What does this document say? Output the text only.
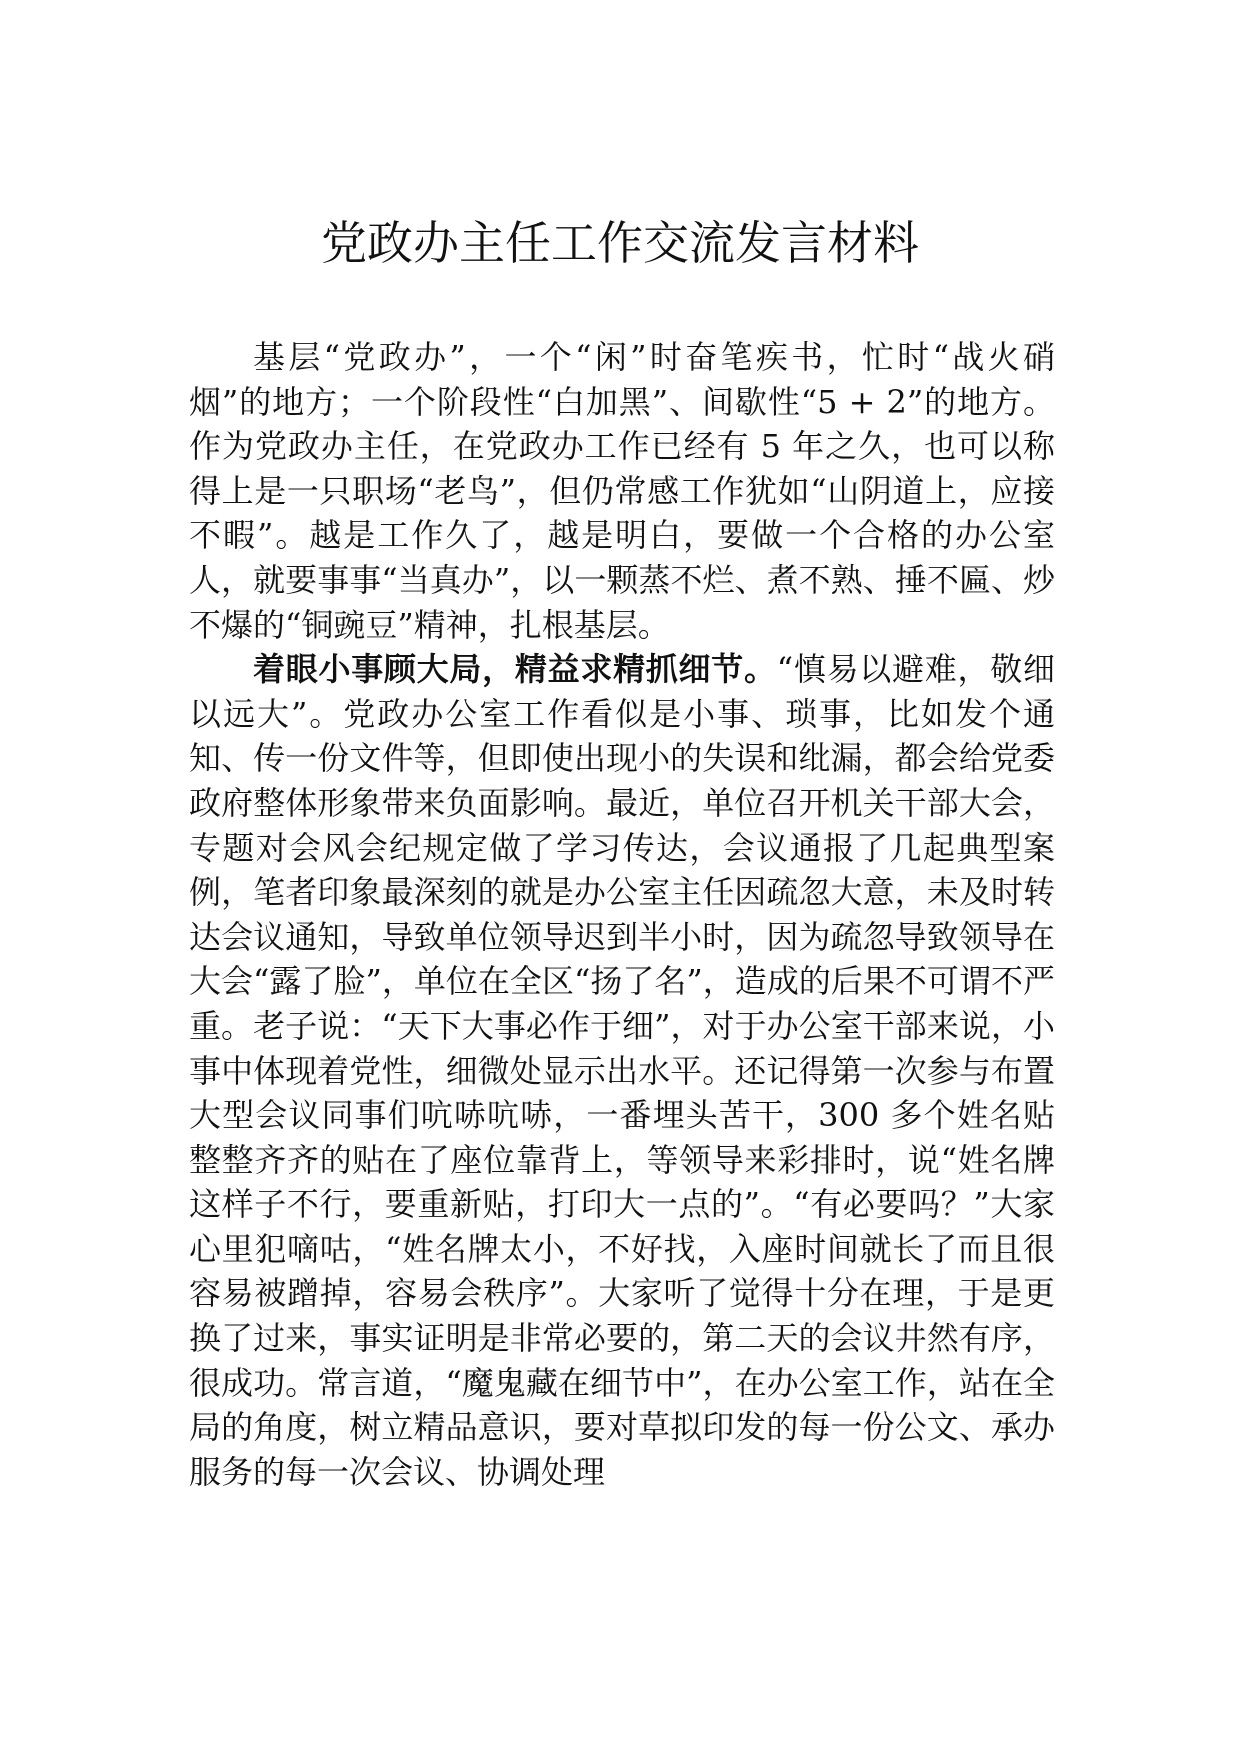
党政办主任工作交流发言材料

基层“党政办”，一个“闲”时奋笔疾书，忙时“战火硝烟”的地方；一个阶段性“白加黑”、间歇性“5 + 2”的地方。作为党政办主任，在党政办工作已经有 5 年之久，也可以称得上是一只职场“老鸟”，但仍常感工作犹如“山阴道上，应接不暇”。越是工作久了，越是明白，要做一个合格的办公室人，就要事事“当真办”，以一颗蒸不烂、煮不熟、捶不匾、炒不爆的“铜豌豆”精神，扎根基层。

着眼小事顾大局，精益求精抓细节。“慎易以避难，敬细以远大”。党政办公室工作看似是小事、琐事，比如发个通知、传一份文件等，但即使出现小的失误和纰漏，都会给党委政府整体形象带来负面影响。最近，单位召开机关干部大会，专题对会风会纪规定做了学习传达，会议通报了几起典型案例，笔者印象最深刻的就是办公室主任因疏忽大意，未及时转达会议通知，导致单位领导迟到半小时，因为疏忽导致领导在大会“露了脸”，单位在全区“扬了名”，造成的后果不可谓不严重。老子说：“天下大事必作于细”，对于办公室干部来说，小事中体现着党性，细微处显示出水平。还记得第一次参与布置大型会议同事们吭哧吭哧，一番埋头苦干，300 多个姓名贴整整齐齐的贴在了座位靠背上，等领导来彩排时，说“姓名牌这样子不行，要重新贴，打印大一点的”。“有必要吗？”大家心里犯嘀咕，“姓名牌太小，不好找，入座时间就长了而且很容易被蹭掉，容易会秩序”。大家听了觉得十分在理，于是更换了过来，事实证明是非常必要的，第二天的会议井然有序，很成功。常言道，“魔鬼藏在细节中”，在办公室工作，站在全局的角度，树立精品意识，要对草拟印发的每一份公文、承办服务的每一次会议、协调处理
